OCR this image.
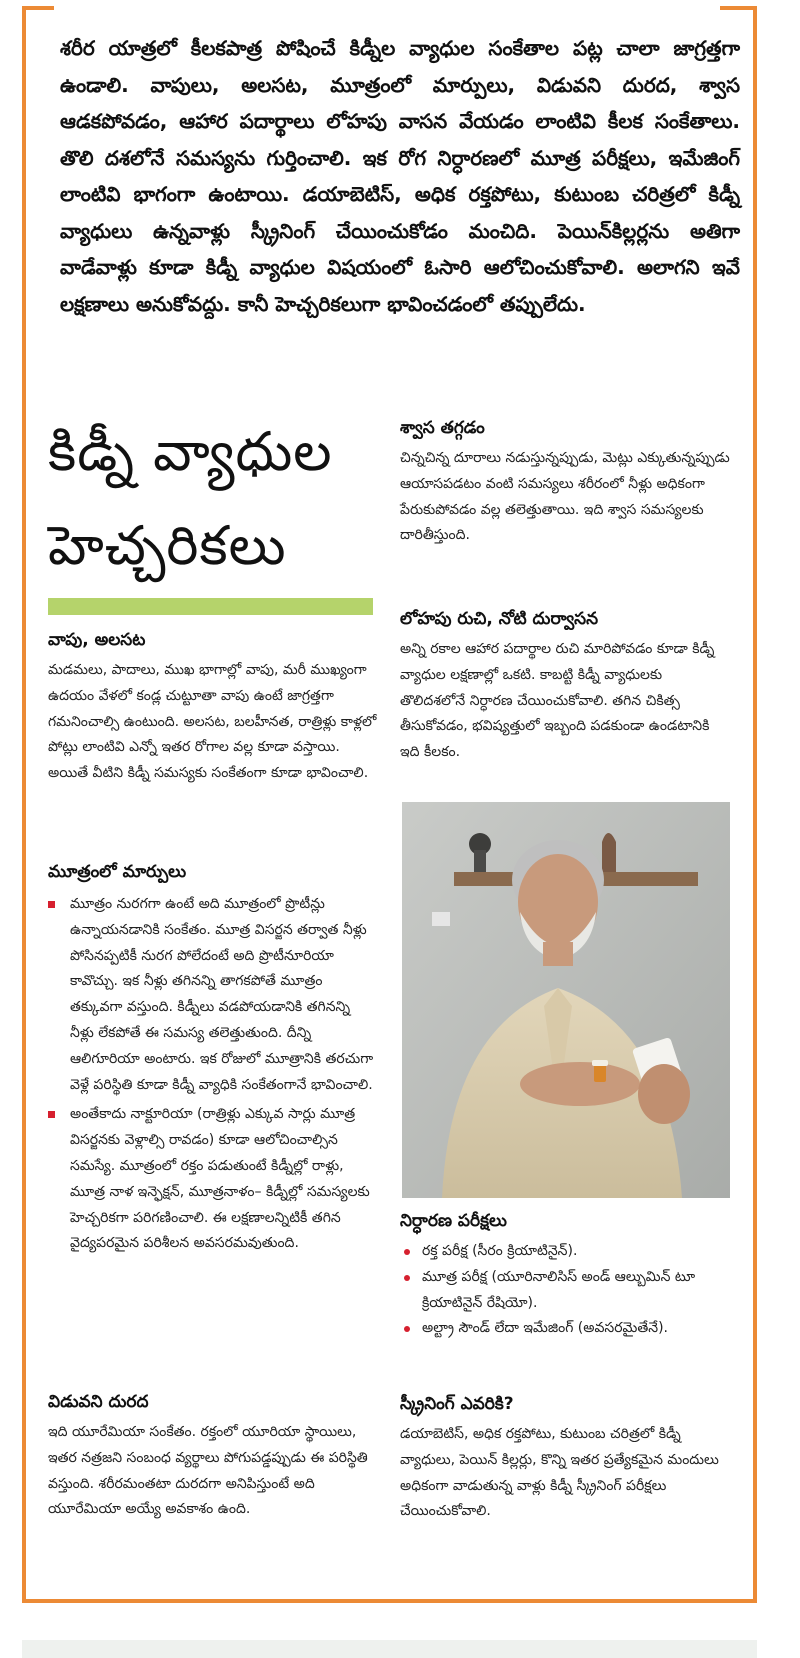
శరీర యాత్రలో కీలకపాత్ర పోషించే కిడ్నీల వ్యాధుల సంకేతాల పట్ల చాలా జాగ్రత్తగా ఉండాలి. వాపులు, అలసట, మూత్రంలో మార్పులు, విడువని దురద, శ్వాస ఆడకపోవడం, ఆహార పదార్థాలు లోహపు వాసన వేయడం లాంటివి కీలక సంకేతాలు. తొలి దశలోనే సమస్యను గుర్తించాలి. ఇక రోగ నిర్ధారణలో మూత్ర పరీక్షలు, ఇమేజింగ్ లాంటివి భాగంగా ఉంటాయి. డయాబెటిస్, అధిక రక్తపోటు, కుటుంబ చరిత్రలో కిడ్నీ వ్యాధులు ఉన్నవాళ్లు స్క్రీనింగ్ చేయించుకోడం మంచిది. పెయిన్‌కిల్లర్లను అతిగా వాడేవాళ్లు కూడా కిడ్నీ వ్యాధుల విషయంలో ఓసారి ఆలోచించుకోవాలి. అలాగని ఇవే లక్షణాలు అనుకోవద్దు. కానీ హెచ్చరికలుగా భావించడంలో తప్పులేదు.
కిడ్నీ వ్యాధుల
హెచ్చరికలు
వాపు, అలసట

మడమలు, పాదాలు, ముఖ భాగాల్లో వాపు, మరీ ముఖ్యంగా ఉదయం వేళలో కండ్ల చుట్టూతా వాపు ఉంటే జాగ్రత్తగా గమనించాల్సి ఉంటుంది. అలసట, బలహీనత, రాత్రిళ్లు కాళ్లలో పోట్లు లాంటివి ఎన్నో ఇతర రోగాల వల్ల కూడా వస్తాయి. అయితే వీటిని కిడ్నీ సమస్యకు సంకేతంగా కూడా భావించాలి.

మూత్రంలో మార్పులు

మూత్రం నురగగా ఉంటే అది మూత్రంలో ప్రొటీన్లు ఉన్నాయనడానికి సంకేతం. మూత్ర విసర్జన తర్వాత నీళ్లు పోసినప్పటికీ నురగ పోలేదంటే అది ప్రొటీనూరియా కావొచ్చు. ఇక నీళ్లు తగినన్ని తాగకపోతే మూత్రం తక్కువగా వస్తుంది. కిడ్నీలు వడపోయడానికి తగినన్ని నీళ్లు లేకపోతే ఈ సమస్య తలెత్తుతుంది. దీన్ని ఆలిగూరియా అంటారు. ఇక రోజులో మూత్రానికి తరచుగా వెళ్లే పరిస్థితి కూడా కిడ్నీ వ్యాధికి సంకేతంగానే భావించాలి.

అంతేకాదు నాక్టూరియా (రాత్రిళ్లు ఎక్కువ సార్లు మూత్ర విసర్జనకు వెళ్లాల్సి రావడం) కూడా ఆలోచించాల్సిన సమస్యే. మూత్రంలో రక్తం పడుతుంటే కిడ్నీల్లో రాళ్లు, మూత్ర నాళ ఇన్ఫెక్షన్, మూత్రనాళం– కిడ్నీల్లో సమస్యలకు హెచ్చరికగా పరిగణించాలి. ఈ లక్షణాలన్నిటికీ తగిన వైద్యపరమైన పరిశీలన అవసరమవుతుంది.

విడువని దురద

ఇది యూరేమియా సంకేతం. రక్తంలో యూరియా స్థాయిలు, ఇతర నత్రజని సంబంధ వ్యర్థాలు పోగుపడ్డప్పుడు ఈ పరిస్థితి వస్తుంది. శరీరమంతటా దురదగా అనిపిస్తుంటే అది యూరేమియా అయ్యే అవకాశం ఉంది.

శ్వాస తగ్గడం

చిన్నచిన్న దూరాలు నడుస్తున్నప్పుడు, మెట్లు ఎక్కుతున్నప్పుడు ఆయాసపడటం వంటి సమస్యలు శరీరంలో నీళ్లు అధికంగా పేరుకుపోవడం వల్ల తలెత్తుతాయి. ఇది శ్వాస సమస్యలకు దారితీస్తుంది.

లోహపు రుచి, నోటి దుర్వాసన

అన్ని రకాల ఆహార పదార్థాల రుచి మారిపోవడం కూడా కిడ్నీ వ్యాధుల లక్షణాల్లో ఒకటి. కాబట్టి కిడ్నీ వ్యాధులకు తొలిదశలోనే నిర్ధారణ చేయించుకోవాలి. తగిన చికిత్స తీసుకోవడం, భవిష్యత్తులో ఇబ్బంది పడకుండా ఉండటానికి ఇది కీలకం.

నిర్ధారణ పరీక్షలు

రక్త పరీక్ష (సీరం క్రియాటినైన్).

మూత్ర పరీక్ష (యూరినాలిసిస్ అండ్ ఆల్బుమిన్ టూ క్రియాటినైన్ రేషియో).

అల్ట్రా సౌండ్ లేదా ఇమేజింగ్ (అవసరమైతేనే).

స్క్రీనింగ్ ఎవరికి?

డయాబెటిస్, అధిక రక్తపోటు, కుటుంబ చరిత్రలో కిడ్నీ వ్యాధులు, పెయిన్ కిల్లర్లు, కొన్ని ఇతర ప్రత్యేకమైన మందులు అధికంగా వాడుతున్న వాళ్లు కిడ్నీ స్క్రీనింగ్ పరీక్షలు చేయించుకోవాలి.
